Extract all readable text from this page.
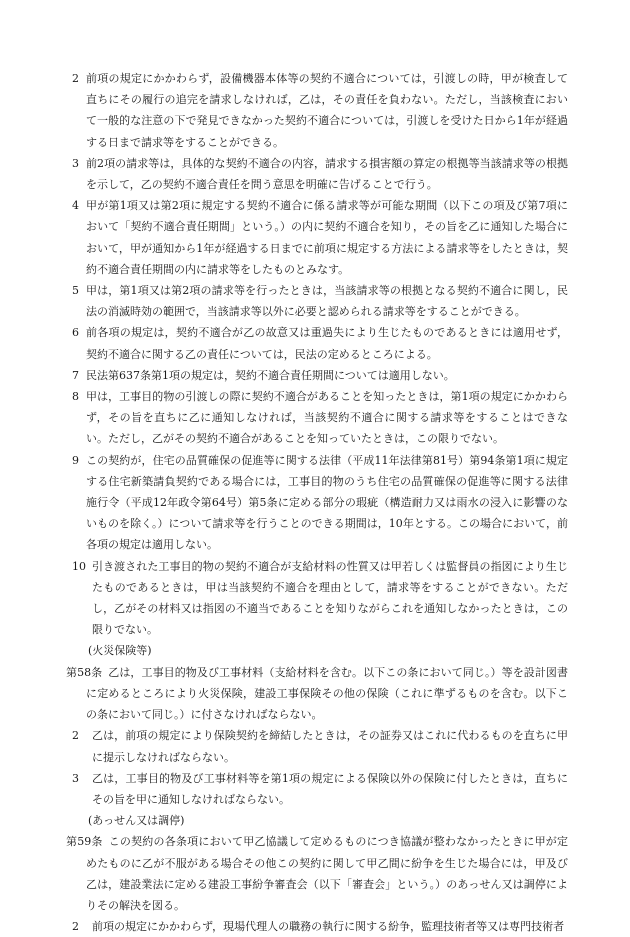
2 前項の規定にかかわらず，設備機器本体等の契約不適合については，引渡しの時，甲が検査して直ちにその履行の追完を請求しなければ，乙は，その責任を負わない。ただし，当該検査において一般的な注意の下で発見できなかった契約不適合については，引渡しを受けた日から1年が経過する日まで請求等をすることができる。

3 前2項の請求等は，具体的な契約不適合の内容，請求する損害額の算定の根拠等当該請求等の根拠を示して，乙の契約不適合責任を問う意思を明確に告げることで行う。

4 甲が第1項又は第2項に規定する契約不適合に係る請求等が可能な期間（以下この項及び第7項において「契約不適合責任期間」という。）の内に契約不適合を知り，その旨を乙に通知した場合において，甲が通知から1年が経過する日までに前項に規定する方法による請求等をしたときは，契約不適合責任期間の内に請求等をしたものとみなす。

5 甲は，第1項又は第2項の請求等を行ったときは，当該請求等の根拠となる契約不適合に関し，民法の消滅時効の範囲で，当該請求等以外に必要と認められる請求等をすることができる。

6 前各項の規定は，契約不適合が乙の故意又は重過失により生じたものであるときには適用せず，契約不適合に関する乙の責任については，民法の定めるところによる。

7 民法第637条第1項の規定は，契約不適合責任期間については適用しない。

8 甲は，工事目的物の引渡しの際に契約不適合があることを知ったときは，第1項の規定にかかわらず，その旨を直ちに乙に通知しなければ，当該契約不適合に関する請求等をすることはできない。ただし，乙がその契約不適合があることを知っていたときは，この限りでない。

9 この契約が，住宅の品質確保の促進等に関する法律（平成11年法律第81号）第94条第1項に規定する住宅新築請負契約である場合には，工事目的物のうち住宅の品質確保の促進等に関する法律施行令（平成12年政令第64号）第5条に定める部分の瑕疵（構造耐力又は雨水の浸入に影響のないものを除く。）について請求等を行うことのできる期間は，10年とする。この場合において，前各項の規定は適用しない。

10 引き渡された工事目的物の契約不適合が支給材料の性質又は甲若しくは監督員の指図により生じたものであるときは，甲は当該契約不適合を理由として，請求等をすることができない。ただし，乙がその材料又は指図の不適当であることを知りながらこれを通知しなかったときは，この限りでない。

(火災保険等)

第58条 乙は，工事目的物及び工事材料（支給材料を含む。以下この条において同じ。）等を設計図書に定めるところにより火災保険，建設工事保険その他の保険（これに準ずるものを含む。以下この条において同じ。）に付さなければならない。

2	乙は，前項の規定により保険契約を締結したときは，その証券又はこれに代わるものを直ちに甲に提示しなければならない。

3	乙は，工事目的物及び工事材料等を第1項の規定による保険以外の保険に付したときは，直ちにその旨を甲に通知しなければならない。

(あっせん又は調停)

第59条 この契約の各条項において甲乙協議して定めるものにつき協議が整わなかったときに甲が定めたものに乙が不服がある場合その他この契約に関して甲乙間に紛争を生じた場合には，甲及び乙は，建設業法に定める建設工事紛争審査会（以下「審査会」という。）のあっせん又は調停によりその解決を図る。

2	前項の規定にかかわらず，現場代理人の職務の執行に関する紛争，監理技術者等又は専門技術者
